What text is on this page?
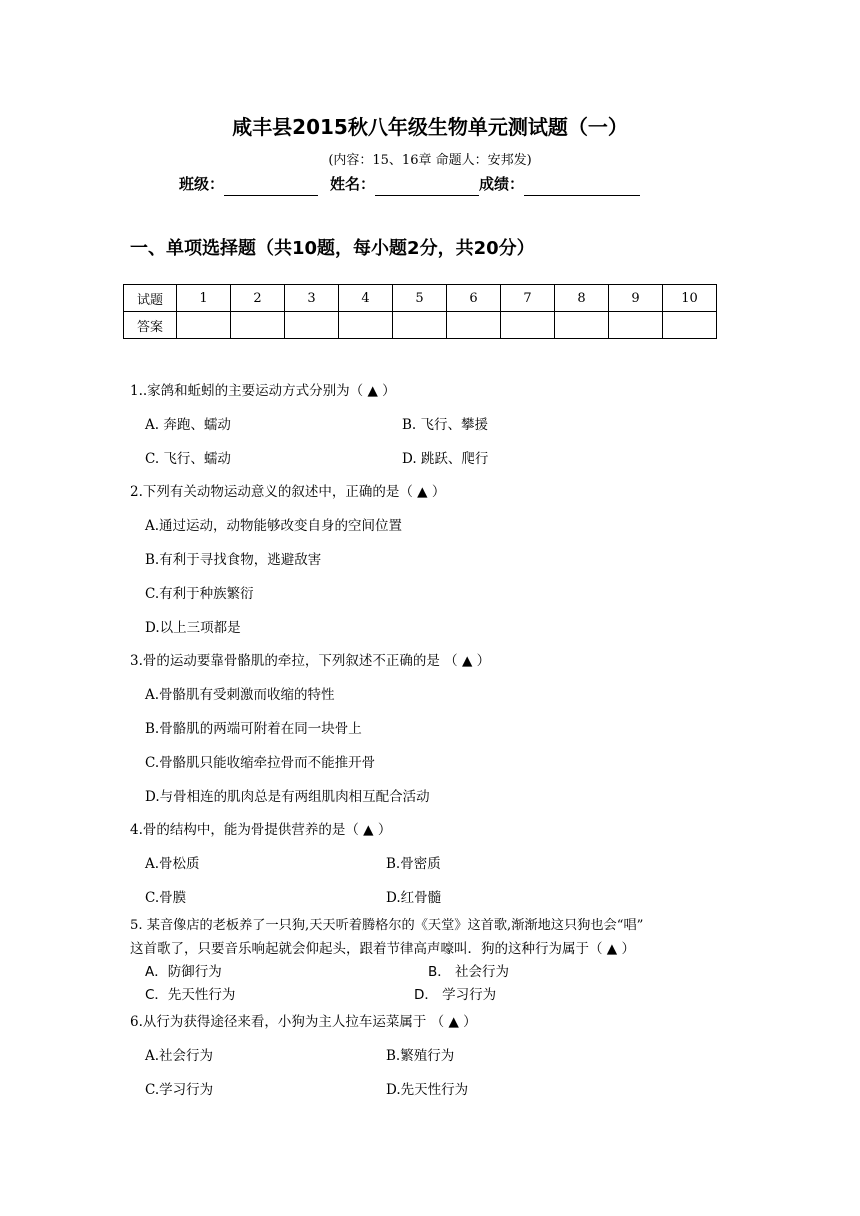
咸丰县2015秋八年级生物单元测试题（一）
(内容：15、16章 命题人：安邦发)
班级：	姓名：	成绩：
一、单项选择题（共10题，每小题2分，共20分）
试题	1	2	3	4	5	6	7	8	9	10
答案										
1..家鸽和蚯蚓的主要运动方式分别为（ ▲ ）
A. 奔跑、蠕动	B. 飞行、攀援
C. 飞行、蠕动	D. 跳跃、爬行
2.下列有关动物运动意义的叙述中，正确的是（ ▲ ）
A.通过运动，动物能够改变自身的空间位置
B.有利于寻找食物，逃避敌害
C.有利于种族繁衍
D.以上三项都是
3.骨的运动要靠骨骼肌的牵拉，下列叙述不正确的是 （ ▲ ）
A.骨骼肌有受刺激而收缩的特性
B.骨骼肌的两端可附着在同一块骨上
C.骨骼肌只能收缩牵拉骨而不能推开骨
D.与骨相连的肌肉总是有两组肌肉相互配合活动
4.骨的结构中，能为骨提供营养的是（ ▲ ）
A.骨松质	B.骨密质
C.骨膜	D.红骨髓
5. 某音像店的老板养了一只狗,天天听着腾格尔的《天堂》这首歌,渐渐地这只狗也会“唱”
这首歌了，只要音乐响起就会仰起头，跟着节律高声嚎叫．狗的这种行为属于（ ▲ ）
A．防御行为	B． 社会行为
C．先天性行为	D． 学习行为
6.从行为获得途径来看，小狗为主人拉车运菜属于 （ ▲ ）
A.社会行为	B.繁殖行为
C.学习行为	D.先天性行为
